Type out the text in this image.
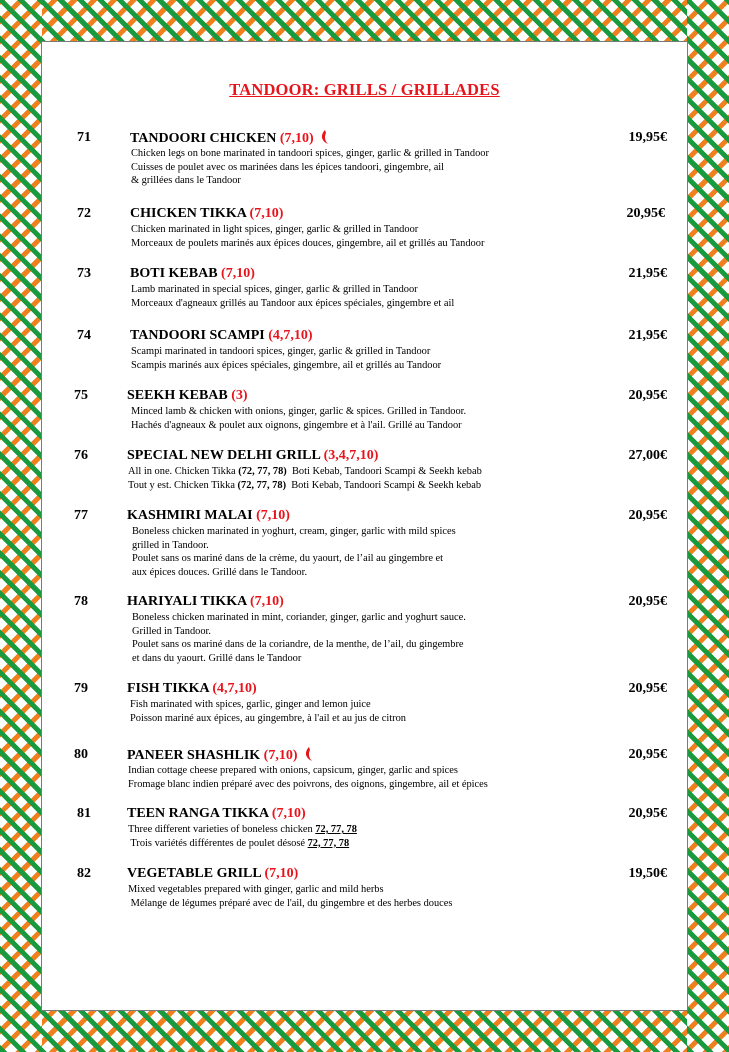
TANDOOR: GRILLS / GRILLADES
71	TANDOORI CHICKEN (7,10)	19,95€
Chicken legs on bone marinated in tandoori spices, ginger, garlic & grilled in Tandoor
Cuisses de poulet avec os marinées dans les épices tandoori, gingembre, ail
& grillées dans le Tandoor
72	CHICKEN TIKKA (7,10)	20,95€
Chicken marinated in light spices, ginger, garlic & grilled in Tandoor
Morceaux de poulets marinés aux épices douces, gingembre, ail et grillés au Tandoor
73	BOTI KEBAB (7,10)	21,95€
Lamb marinated in special spices, ginger, garlic & grilled in Tandoor
Morceaux d'agneaux grillés au Tandoor aux épices spéciales, gingembre et ail
74	TANDOORI SCAMPI (4,7,10)	21,95€
Scampi marinated in tandoori spices, ginger, garlic & grilled in Tandoor
Scampis marinés aux épices spéciales, gingembre, ail et grillés au Tandoor
75	SEEKH KEBAB (3)	20,95€
Minced lamb & chicken with onions, ginger, garlic & spices. Grilled in Tandoor.
Hachés d'agneaux & poulet aux oignons, gingembre et à l'ail. Grillé au Tandoor
76	SPECIAL NEW DELHI GRILL (3,4,7,10)	27,00€
All in one. Chicken Tikka (72, 77, 78)  Boti Kebab, Tandoori Scampi & Seekh kebab
Tout y est. Chicken Tikka (72, 77, 78)  Boti Kebab, Tandoori Scampi & Seekh kebab
77	KASHMIRI MALAI (7,10)	20,95€
Boneless chicken marinated in yoghurt, cream, ginger, garlic with mild spices
grilled in Tandoor.
Poulet sans os mariné dans de la crème, du yaourt, de l’ail au gingembre et
aux épices douces. Grillé dans le Tandoor.
78	HARIYALI TIKKA (7,10)	20,95€
Boneless chicken marinated in mint, coriander, ginger, garlic and yoghurt sauce.
Grilled in Tandoor.
Poulet sans os mariné dans de la coriandre, de la menthe, de l’ail, du gingembre
et dans du yaourt. Grillé dans le Tandoor
79	FISH TIKKA (4,7,10)	20,95€
Fish marinated with spices, garlic, ginger and lemon juice
Poisson mariné aux épices, au gingembre, à l'ail et au jus de citron
80	PANEER SHASHLIK (7,10)	20,95€
Indian cottage cheese prepared with onions, capsicum, ginger, garlic and spices
Fromage blanc indien préparé avec des poivrons, des oignons, gingembre, ail et épices
81	TEEN RANGA TIKKA (7,10)	20,95€
Three different varieties of boneless chicken 72, 77, 78
Trois variétés différentes de poulet désosé 72, 77, 78
82	VEGETABLE GRILL (7,10)	19,50€
Mixed vegetables prepared with ginger, garlic and mild herbs
Mélange de légumes préparé avec de l'ail, du gingembre et des herbes douces
